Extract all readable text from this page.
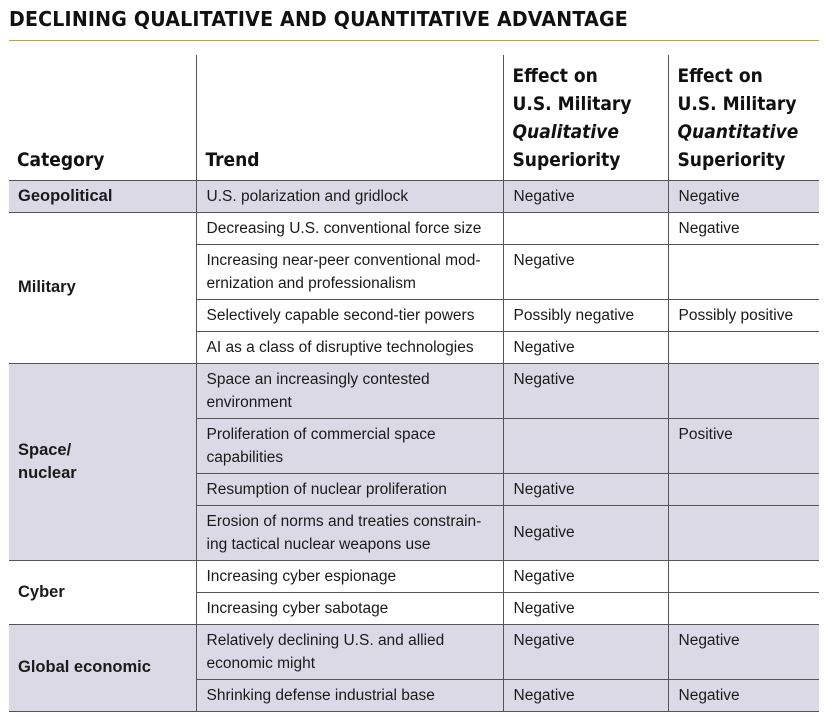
DECLINING QUALITATIVE AND QUANTITATIVE ADVANTAGE
Category	Trend	Effect on
U.S. Military
Qualitative
Superiority	Effect on
U.S. Military
Quantitative
Superiority
Geopolitical	U.S. polarization and gridlock	Negative	Negative
Military	Decreasing U.S. conventional force size		Negative
	Increasing near-peer conventional mod-
ernization and professionalism	Negative	
	Selectively capable second-tier powers	Possibly negative	Possibly positive
	AI as a class of disruptive technologies	Negative	
Space/
nuclear	Space an increasingly contested
environment	Negative	
	Proliferation of commercial space
capabilities		Positive
	Resumption of nuclear proliferation	Negative	
	Erosion of norms and treaties constrain-
ing tactical nuclear weapons use	Negative	
Cyber	Increasing cyber espionage	Negative	
	Increasing cyber sabotage	Negative	
Global economic	Relatively declining U.S. and allied
economic might	Negative	Negative
	Shrinking defense industrial base	Negative	Negative
